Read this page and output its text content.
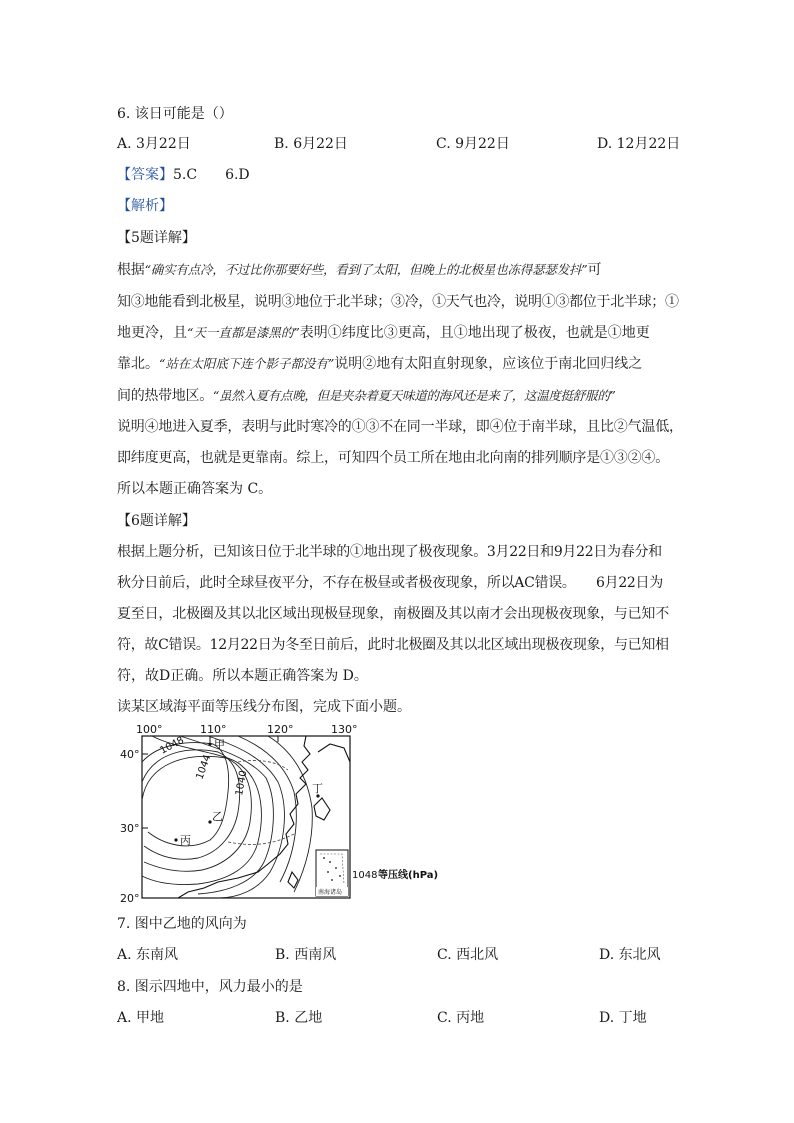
6. 该日可能是（）
A. 3月22日	B. 6月22日	C. 9月22日	D. 12月22日
【答案】5.C　　6.D
【解析】
【5题详解】
根据“确实有点冷，不过比你那要好些，看到了太阳，但晚上的北极星也冻得瑟瑟发抖”可
知③地能看到北极星，说明③地位于北半球；③冷，①天气也冷，说明①③都位于北半球；①
地更冷，且“天一直都是漆黑的”表明①纬度比③更高，且①地出现了极夜，也就是①地更
靠北。“站在太阳底下连个影子都没有”说明②地有太阳直射现象，应该位于南北回归线之
间的热带地区。“虽然入夏有点晚，但是夹杂着夏天味道的海风还是来了，这温度挺舒服的”
说明④地进入夏季，表明与此时寒冷的①③不在同一半球，即④位于南半球，且比②气温低，
即纬度更高，也就是更靠南。综上，可知四个员工所在地由北向南的排列顺序是①③②④。
所以本题正确答案为 C。
【6题详解】
根据上题分析，已知该日位于北半球的①地出现了极夜现象。3月22日和9月22日为春分和
秋分日前后，此时全球昼夜平分，不存在极昼或者极夜现象，所以AC错误。　　6月22日为
夏至日，北极圈及其以北区域出现极昼现象，南极圈及其以南才会出现极夜现象，与已知不
符，故C错误。12月22日为冬至日前后，此时北极圈及其以北区域出现极夜现象，与已知相
符，故D正确。所以本题正确答案为 D。
读某区域海平面等压线分布图，完成下面小题。
100°	110°	120°	130°
40°
30°
20°
1048
1044
1040
甲
乙
丙
丁
南海诸岛
1048 等压线(hPa)
7. 图中乙地的风向为
A. 东南风	B. 西南风	C. 西北风	D. 东北风
8. 图示四地中，风力最小的是
A. 甲地	B. 乙地	C. 丙地	D. 丁地
